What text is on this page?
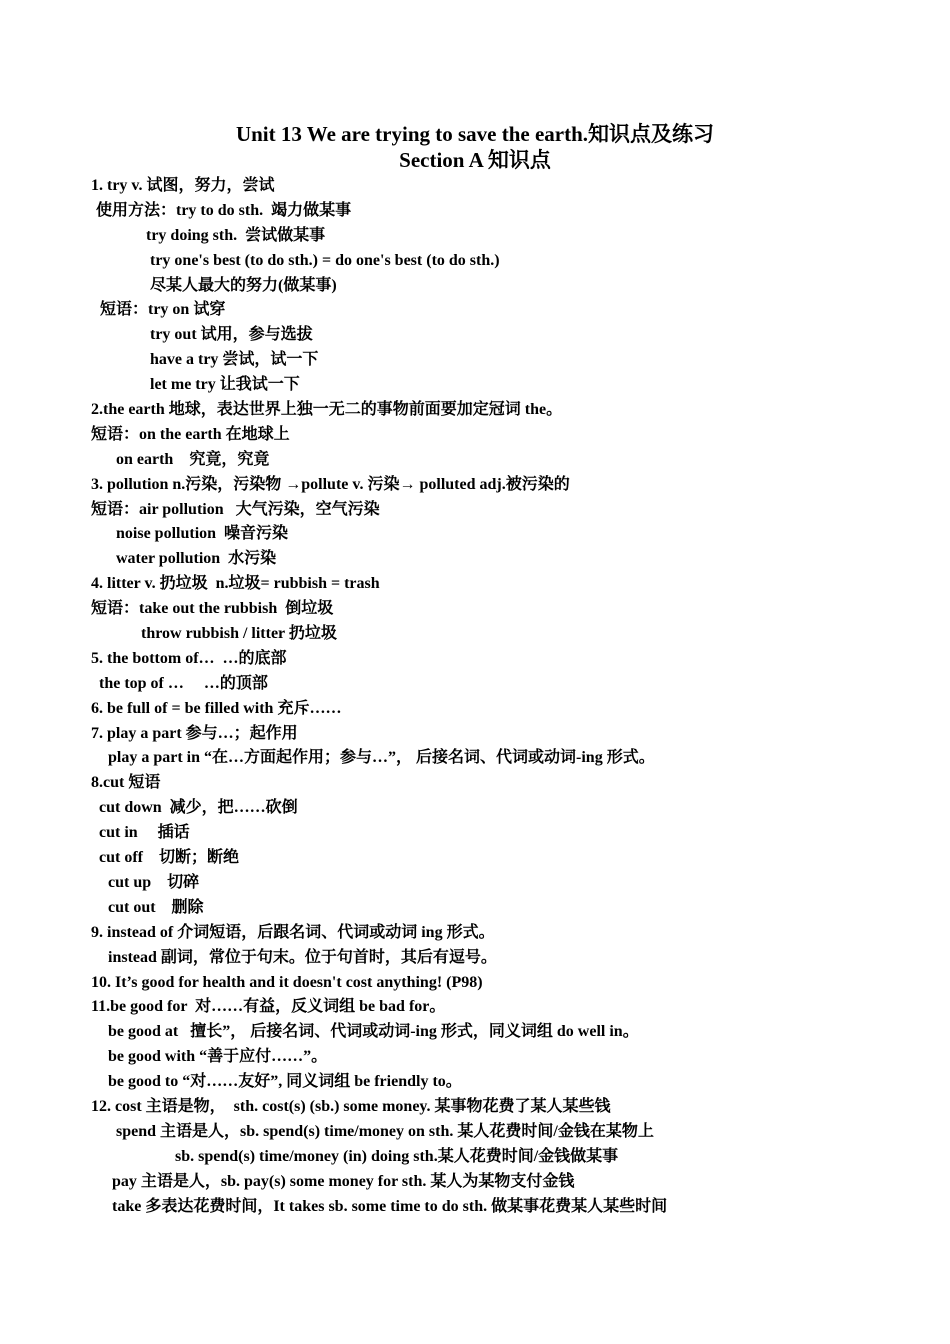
Unit 13 We are trying to save the earth.知识点及练习
Section A 知识点
1. try v. 试图，努力，尝试
使用方法：try to do sth.  竭力做某事
try doing sth.  尝试做某事
try one's best (to do sth.) = do one's best (to do sth.)
尽某人最大的努力(做某事)
短语：try on 试穿
try out 试用，参与选拔
have a try 尝试，试一下
let me try 让我试一下
2.the earth 地球，表达世界上独一无二的事物前面要加定冠词 the。
短语：on the earth 在地球上
on earth    究竟，究竟
3. pollution n.污染，污染物 →pollute v. 污染→ polluted adj.被污染的
短语：air pollution   大气污染，空气污染
noise pollution  噪音污染
water pollution  水污染
4. litter v. 扔垃圾  n.垃圾= rubbish = trash
短语：take out the rubbish  倒垃圾
throw rubbish / litter 扔垃圾
5. the bottom of…  …的底部
the top of …     …的顶部
6. be full of = be filled with 充斥……
7. play a part 参与…；起作用
play a part in “在…方面起作用；参与…”， 后接名词、代词或动词-ing 形式。
8.cut 短语
cut down  减少，把……砍倒
cut in     插话
cut off    切断；断绝
cut up    切碎
cut out    删除
9. instead of 介词短语，后跟名词、代词或动词 ing 形式。
instead 副词，常位于句末。位于句首时，其后有逗号。
10. It’s good for health and it doesn't cost anything! (P98)
11.be good for  对……有益，反义词组 be bad for。
be good at   擅长”， 后接名词、代词或动词-ing 形式，同义词组 do well in。
be good with “善于应付……”。
be good to “对……友好”, 同义词组 be friendly to。
12. cost 主语是物，  sth. cost(s) (sb.) some money. 某事物花费了某人某些钱
spend 主语是人，sb. spend(s) time/money on sth. 某人花费时间/金钱在某物上
sb. spend(s) time/money (in) doing sth.某人花费时间/金钱做某事
pay 主语是人，sb. pay(s) some money for sth. 某人为某物支付金钱
take 多表达花费时间，It takes sb. some time to do sth. 做某事花费某人某些时间
